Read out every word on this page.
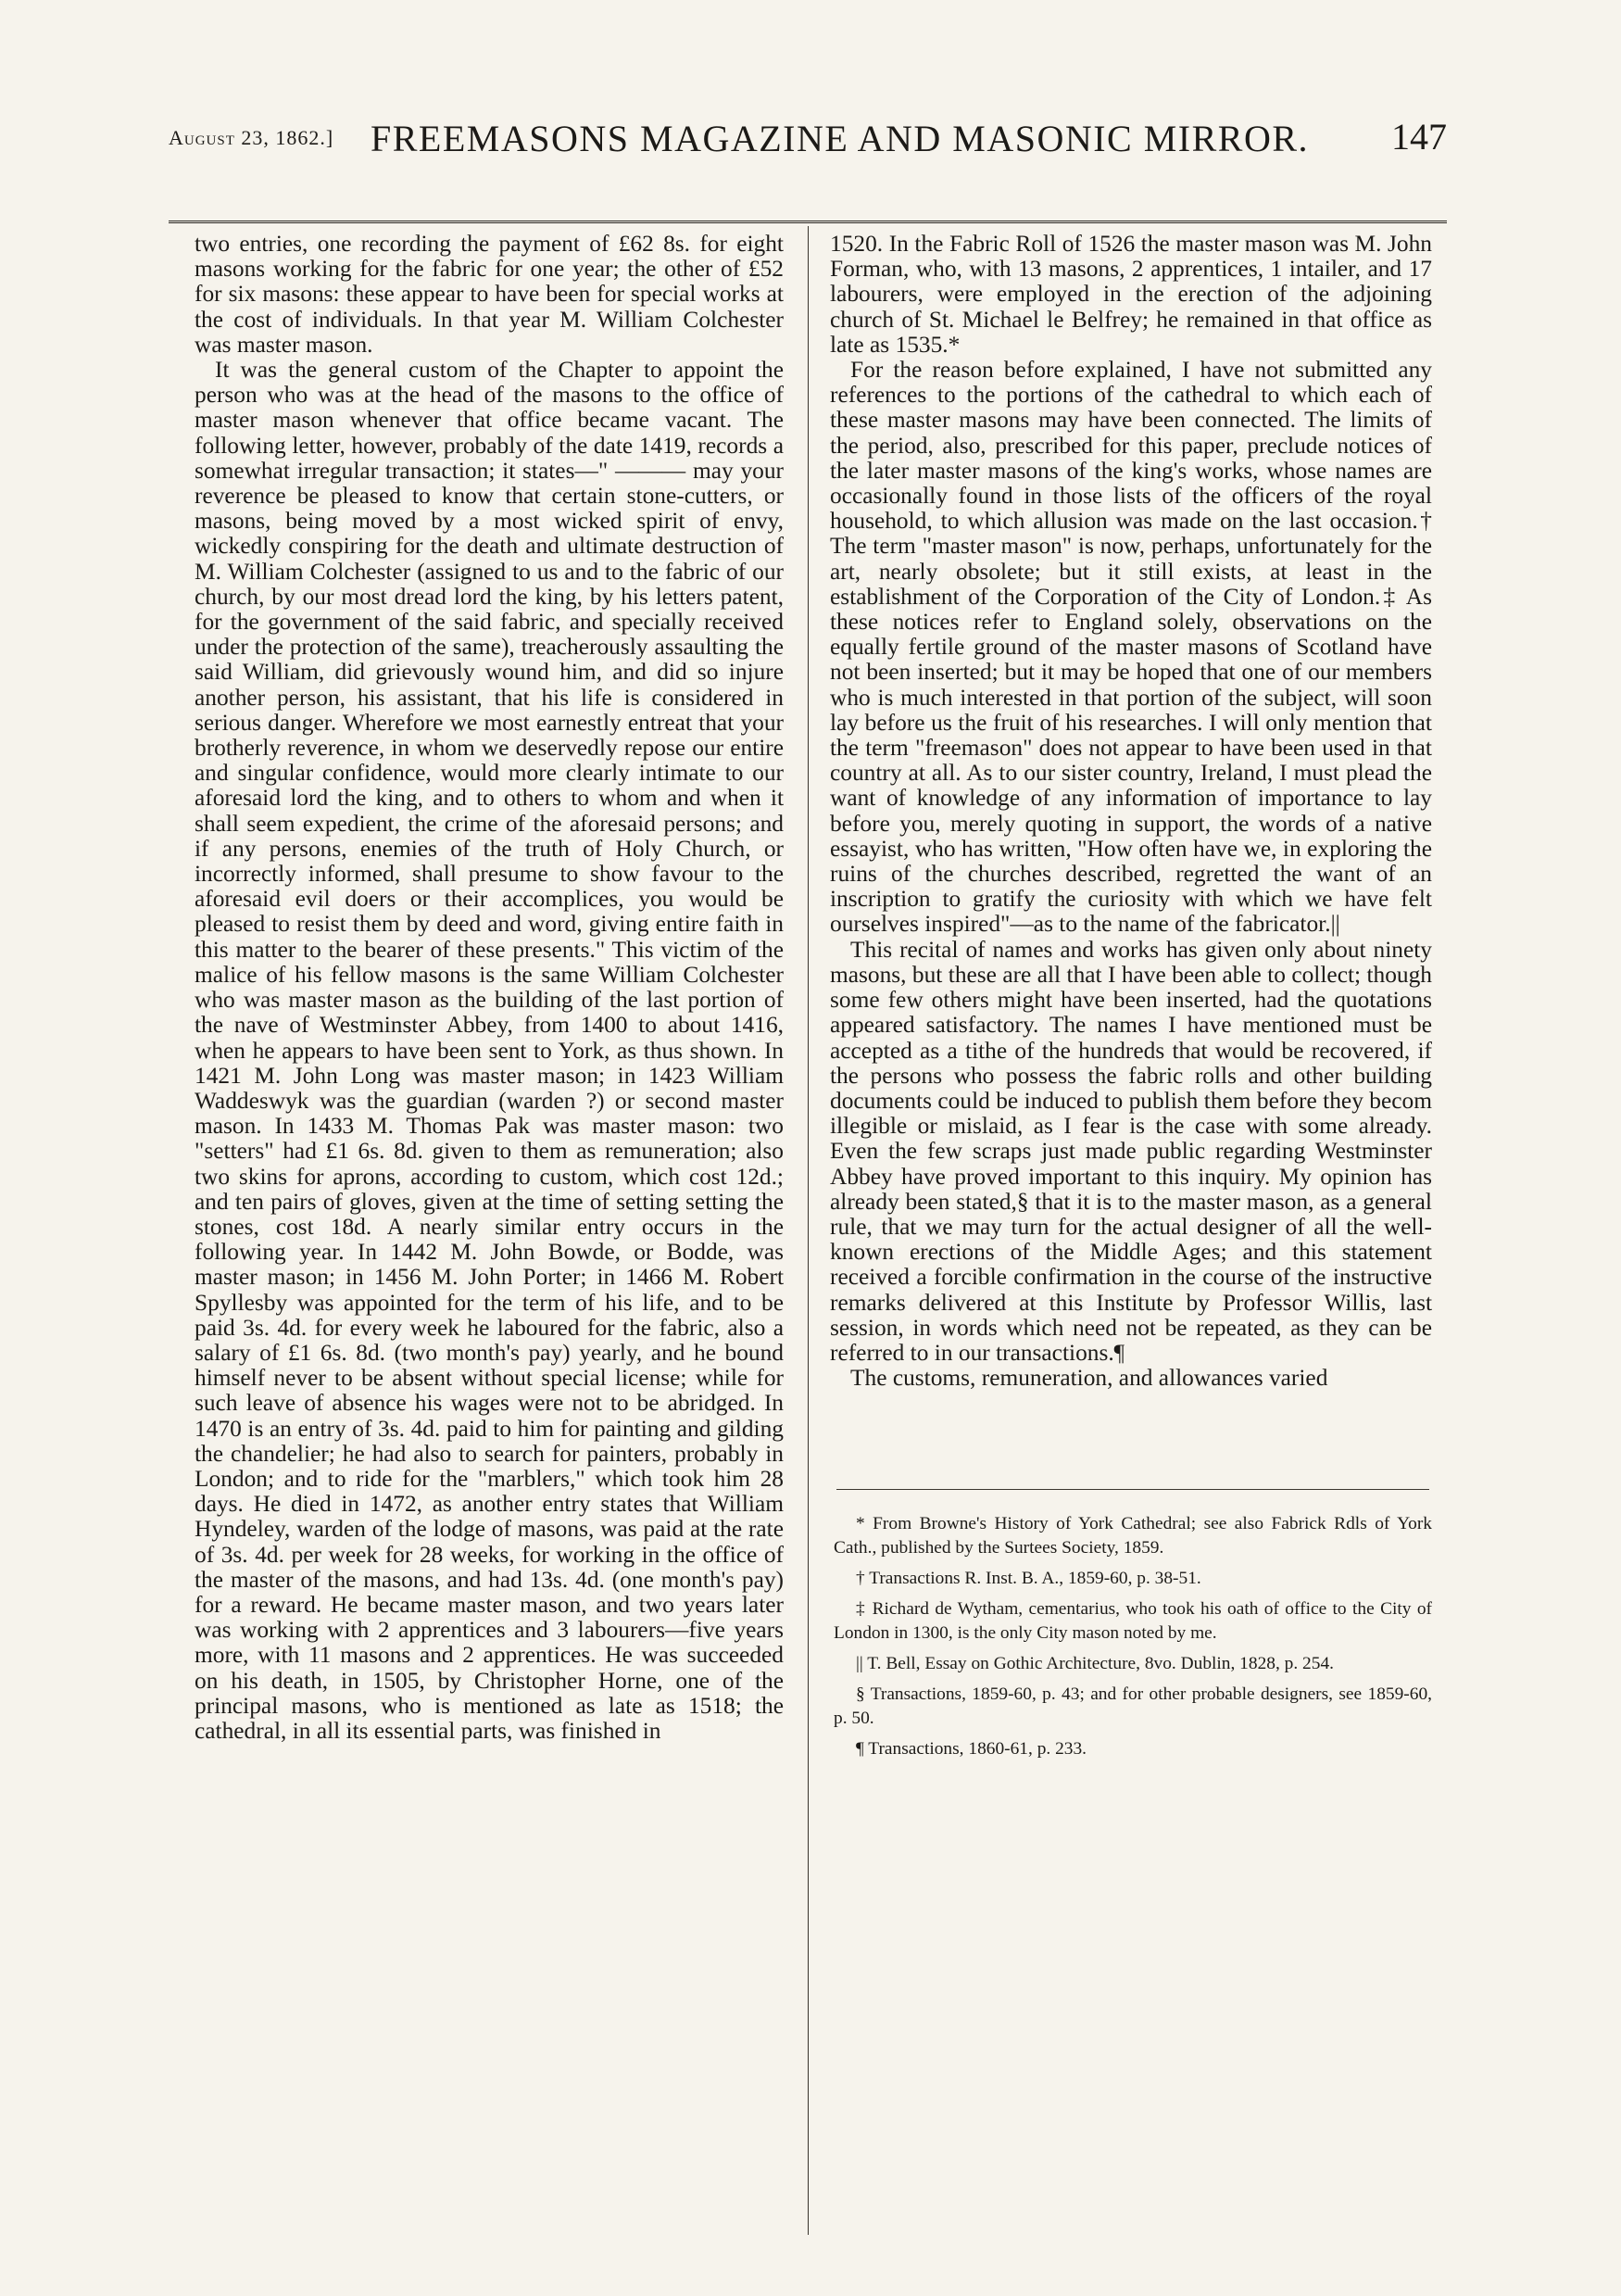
August 23, 1862.] FREEMASONS MAGAZINE AND MASONIC MIRROR. 147

two entries, one recording the payment of £62 8s. for eight masons working for the fabric for one year; the other of £52 for six masons: these appear to have been for special works at the cost of individuals. In that year M. William Colchester was master mason.

It was the general custom of the Chapter to appoint the person who was at the head of the masons to the office of master mason whenever that office became vacant. The following letter, however, probably of the date 1419, records a somewhat irregular transaction; it states—" ——— may your reverence be pleased to know that certain stone-cutters, or masons, being moved by a most wicked spirit of envy, wickedly conspiring for the death and ultimate destruction of M. William Colchester (assigned to us and to the fabric of our church, by our most dread lord the king, by his letters patent, for the government of the said fabric, and specially received under the protection of the same), treacherously assaulting the said William, did grievously wound him, and did so injure another person, his assistant, that his life is considered in serious danger. Wherefore we most earnestly entreat that your brotherly reverence, in whom we deservedly repose our entire and singular confidence, would more clearly intimate to our aforesaid lord the king, and to others to whom and when it shall seem expedient, the crime of the aforesaid persons; and if any persons, enemies of the truth of Holy Church, or incorrectly informed, shall presume to show favour to the aforesaid evil doers or their accomplices, you would be pleased to resist them by deed and word, giving entire faith in this matter to the bearer of these presents." This victim of the malice of his fellow masons is the same William Colchester who was master mason as the building of the last portion of the nave of Westminster Abbey, from 1400 to about 1416, when he appears to have been sent to York, as thus shown. In 1421 M. John Long was master mason; in 1423 William Waddeswyk was the guardian (warden ?) or second master mason. In 1433 M. Thomas Pak was master mason: two "setters" had £1 6s. 8d. given to them as remuneration; also two skins for aprons, according to custom, which cost 12d.; and ten pairs of gloves, given at the time of setting setting the stones, cost 18d. A nearly similar entry occurs in the following year. In 1442 M. John Bowde, or Bodde, was master mason; in 1456 M. John Porter; in 1466 M. Robert Spyllesby was appointed for the term of his life, and to be paid 3s. 4d. for every week he laboured for the fabric, also a salary of £1 6s. 8d. (two month's pay) yearly, and he bound himself never to be absent without special license; while for such leave of absence his wages were not to be abridged. In 1470 is an entry of 3s. 4d. paid to him for painting and gilding the chandelier; he had also to search for painters, probably in London; and to ride for the "marblers," which took him 28 days. He died in 1472, as another entry states that William Hyndeley, warden of the lodge of masons, was paid at the rate of 3s. 4d. per week for 28 weeks, for working in the office of the master of the masons, and had 13s. 4d. (one month's pay) for a reward. He became master mason, and two years later was working with 2 apprentices and 3 labourers—five years more, with 11 masons and 2 apprentices. He was succeeded on his death, in 1505, by Christopher Horne, one of the principal masons, who is mentioned as late as 1518; the cathedral, in all its essential parts, was finished in

1520. In the Fabric Roll of 1526 the master mason was M. John Forman, who, with 13 masons, 2 apprentices, 1 intailer, and 17 labourers, were employed in the erection of the adjoining church of St. Michael le Belfrey; he remained in that office as late as 1535.*

For the reason before explained, I have not submitted any references to the portions of the cathedral to which each of these master masons may have been connected. The limits of the period, also, prescribed for this paper, preclude notices of the later master masons of the king's works, whose names are occasionally found in those lists of the officers of the royal household, to which allusion was made on the last occasion.† The term "master mason" is now, perhaps, unfortunately for the art, nearly obsolete; but it still exists, at least in the establishment of the Corporation of the City of London.‡ As these notices refer to England solely, observations on the equally fertile ground of the master masons of Scotland have not been inserted; but it may be hoped that one of our members who is much interested in that portion of the subject, will soon lay before us the fruit of his researches. I will only mention that the term "freemason" does not appear to have been used in that country at all. As to our sister country, Ireland, I must plead the want of knowledge of any information of importance to lay before you, merely quoting in support, the words of a native essayist, who has written, "How often have we, in exploring the ruins of the churches described, regretted the want of an inscription to gratify the curiosity with which we have felt ourselves inspired"—as to the name of the fabricator.||

This recital of names and works has given only about ninety masons, but these are all that I have been able to collect; though some few others might have been inserted, had the quotations appeared satisfactory. The names I have mentioned must be accepted as a tithe of the hundreds that would be recovered, if the persons who possess the fabric rolls and other building documents could be induced to publish them before they becom illegible or mislaid, as I fear is the case with some already. Even the few scraps just made public regarding Westminster Abbey have proved important to this inquiry. My opinion has already been stated,§ that it is to the master mason, as a general rule, that we may turn for the actual designer of all the well-known erections of the Middle Ages; and this statement received a forcible confirmation in the course of the instructive remarks delivered at this Institute by Professor Willis, last session, in words which need not be repeated, as they can be referred to in our transactions.¶

The customs, remuneration, and allowances varied

* From Browne's History of York Cathedral; see also Fabrick Rdls of York Cath., published by the Surtees Society, 1859.

† Transactions R. Inst. B. A., 1859-60, p. 38-51.

‡ Richard de Wytham, cementarius, who took his oath of office to the City of London in 1300, is the only City mason noted by me.

|| T. Bell, Essay on Gothic Architecture, 8vo. Dublin, 1828, p. 254.

§ Transactions, 1859-60, p. 43; and for other probable designers, see 1859-60, p. 50.

¶ Transactions, 1860-61, p. 233.
